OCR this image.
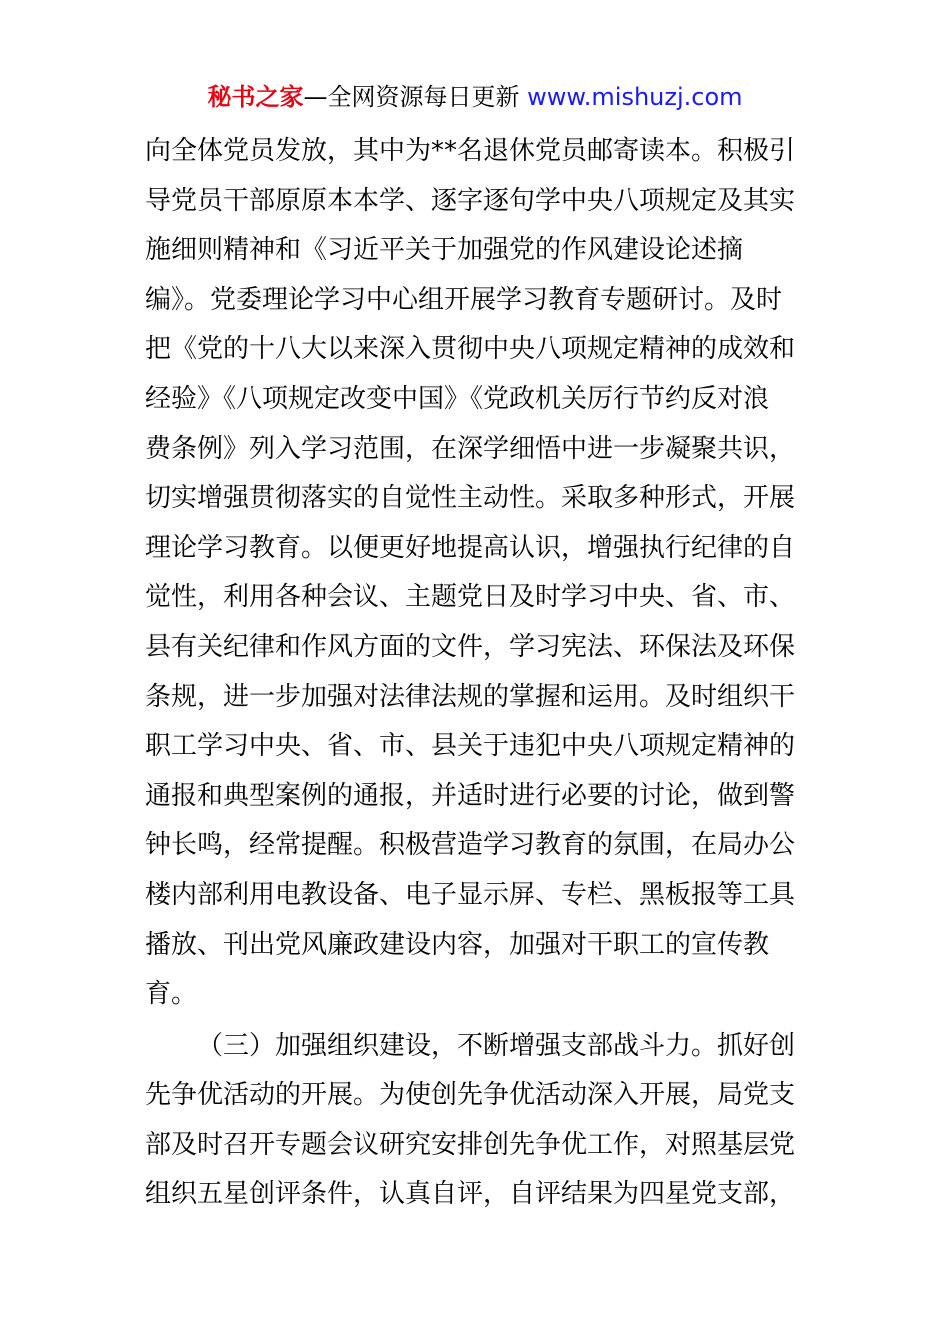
秘书之家—全网资源每日更新 www.mishuzj.com
向全体党员发放，其中为**名退休党员邮寄读本。积极引
导党员干部原原本本学、逐字逐句学中央八项规定及其实
施细则精神和《习近平关于加强党的作风建设论述摘
编》。党委理论学习中心组开展学习教育专题研讨。及时
把《党的十八大以来深入贯彻中央八项规定精神的成效和
经验》《八项规定改变中国》《党政机关厉行节约反对浪
费条例》列入学习范围，在深学细悟中进一步凝聚共识，
切实增强贯彻落实的自觉性主动性。采取多种形式，开展
理论学习教育。以便更好地提高认识，增强执行纪律的自
觉性，利用各种会议、主题党日及时学习中央、省、市、
县有关纪律和作风方面的文件，学习宪法、环保法及环保
条规，进一步加强对法律法规的掌握和运用。及时组织干
职工学习中央、省、市、县关于违犯中央八项规定精神的
通报和典型案例的通报，并适时进行必要的讨论，做到警
钟长鸣，经常提醒。积极营造学习教育的氛围，在局办公
楼内部利用电教设备、电子显示屏、专栏、黑板报等工具
播放、刊出党风廉政建设内容，加强对干职工的宣传教
育。
（三）加强组织建设，不断增强支部战斗力。抓好创
先争优活动的开展。为使创先争优活动深入开展，局党支
部及时召开专题会议研究安排创先争优工作，对照基层党
组织五星创评条件，认真自评，自评结果为四星党支部，
